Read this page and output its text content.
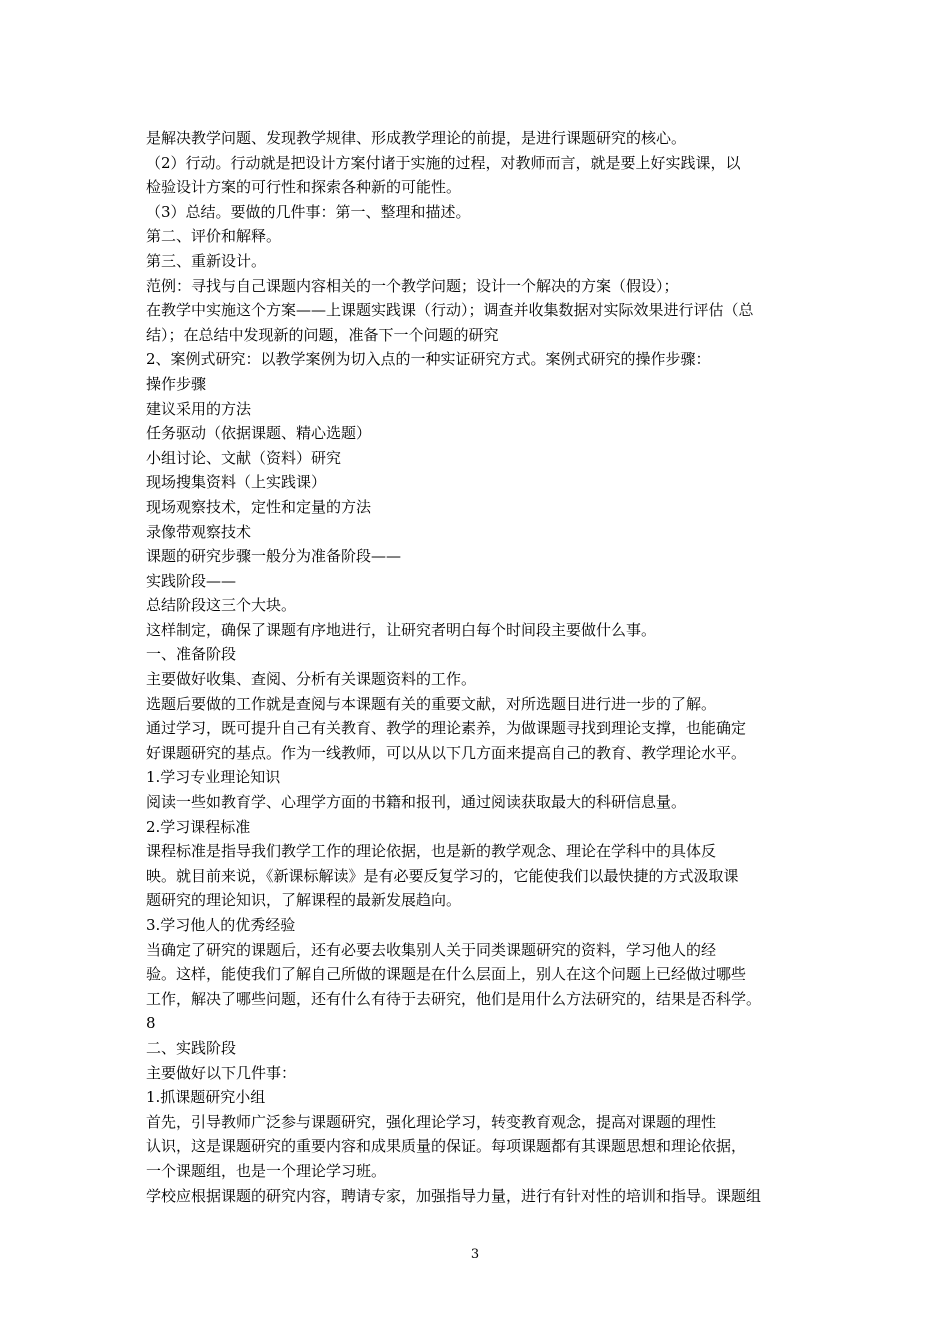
是解决教学问题、发现教学规律、形成教学理论的前提，是进行课题研究的核心。
（2）行动。行动就是把设计方案付诸于实施的过程，对教师而言，就是要上好实践课，以
检验设计方案的可行性和探索各种新的可能性。
（3）总结。要做的几件事：第一、整理和描述。
第二、评价和解释。
第三、重新设计。
范例：寻找与自己课题内容相关的一个教学问题；设计一个解决的方案（假设）；
在教学中实施这个方案——上课题实践课（行动）；调查并收集数据对实际效果进行评估（总
结）；在总结中发现新的问题，准备下一个问题的研究
2、案例式研究：以教学案例为切入点的一种实证研究方式。案例式研究的操作步骤：
操作步骤
建议采用的方法
任务驱动（依据课题、精心选题）
小组讨论、文献（资料）研究
现场搜集资料（上实践课）
现场观察技术，定性和定量的方法
录像带观察技术
课题的研究步骤一般分为准备阶段——
实践阶段——
总结阶段这三个大块。
这样制定，确保了课题有序地进行，让研究者明白每个时间段主要做什么事。
一、准备阶段
主要做好收集、查阅、分析有关课题资料的工作。
选题后要做的工作就是查阅与本课题有关的重要文献，对所选题目进行进一步的了解。
通过学习，既可提升自己有关教育、教学的理论素养，为做课题寻找到理论支撑，也能确定
好课题研究的基点。作为一线教师，可以从以下几方面来提高自己的教育、教学理论水平。
1.学习专业理论知识
阅读一些如教育学、心理学方面的书籍和报刊，通过阅读获取最大的科研信息量。
2.学习课程标准
课程标准是指导我们教学工作的理论依据，也是新的教学观念、理论在学科中的具体反
映。就目前来说，《新课标解读》是有必要反复学习的，它能使我们以最快捷的方式汲取课
题研究的理论知识，了解课程的最新发展趋向。
3.学习他人的优秀经验
当确定了研究的课题后，还有必要去收集别人关于同类课题研究的资料，学习他人的经
验。这样，能使我们了解自己所做的课题是在什么层面上，别人在这个问题上已经做过哪些
工作，解决了哪些问题，还有什么有待于去研究，他们是用什么方法研究的，结果是否科学。
8
二、实践阶段
主要做好以下几件事：
1.抓课题研究小组
首先，引导教师广泛参与课题研究，强化理论学习，转变教育观念，提高对课题的理性
认识，这是课题研究的重要内容和成果质量的保证。每项课题都有其课题思想和理论依据，
一个课题组，也是一个理论学习班。
学校应根据课题的研究内容，聘请专家，加强指导力量，进行有针对性的培训和指导。课题组
3
